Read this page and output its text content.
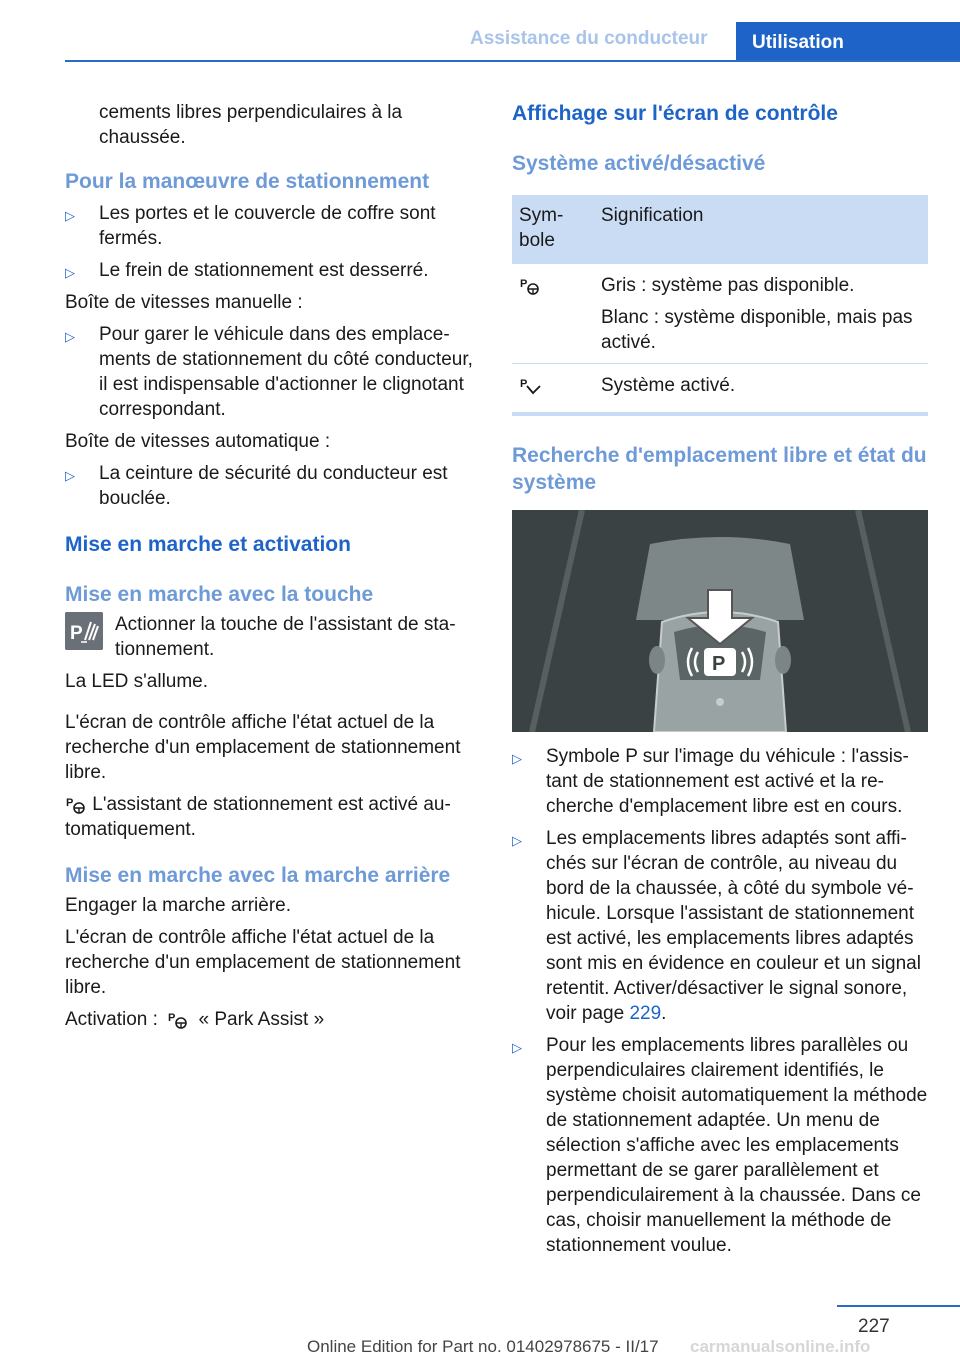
Assistance du conducteur	Utilisation

cements libres perpendiculaires à la chaussée.

Pour la manœuvre de stationnement
▷ Les portes et le couvercle de coffre sont fermés.
▷ Le frein de stationnement est desserré.

Boîte de vitesses manuelle :

▷ Pour garer le véhicule dans des emplacements de stationnement du côté conducteur, il est indispensable d'actionner le clignotant correspondant.

Boîte de vitesses automatique :

▷ La ceinture de sécurité du conducteur est bouclée.
Mise en marche et activation
Mise en marche avec la touche
P Actionner la touche de l'assistant de stationnement.

La LED s'allume.

L'écran de contrôle affiche l'état actuel de la recherche d'un emplacement de stationnement libre.

P L'assistant de stationnement est activé automatiquement.

Mise en marche avec la marche arrière

Engager la marche arrière.

L'écran de contrôle affiche l'état actuel de la recherche d'un emplacement de stationnement libre.

Activation : P « Park Assist »

Affichage sur l'écran de contrôle
Système activé/désactivé
Symbole	Signification

P	Gris : système pas disponible.

Blanc : système disponible, mais pas activé.

P	Système activé.
Recherche d'emplacement libre et état du système
P
▷ Symbole P sur l'image du véhicule : l'assistant de stationnement est activé et la recherche d'emplacement libre est en cours.
▷ Les emplacements libres adaptés sont affichés sur l'écran de contrôle, au niveau du bord de la chaussée, à côté du symbole véhicule. Lorsque l'assistant de stationnement est activé, les emplacements libres adaptés sont mis en évidence en couleur et un signal retentit. Activer/désactiver le signal sonore, voir page 229.
▷ Pour les emplacements libres parallèles ou perpendiculaires clairement identifiés, le système choisit automatiquement la méthode de stationnement adaptée. Un menu de sélection s'affiche avec les emplacements permettant de se garer parallèlement et perpendiculairement à la chaussée. Dans ce cas, choisir manuellement la méthode de stationnement voulue.
227
Online Edition for Part no. 01402978675 - II/17 carmanualsonline.info
